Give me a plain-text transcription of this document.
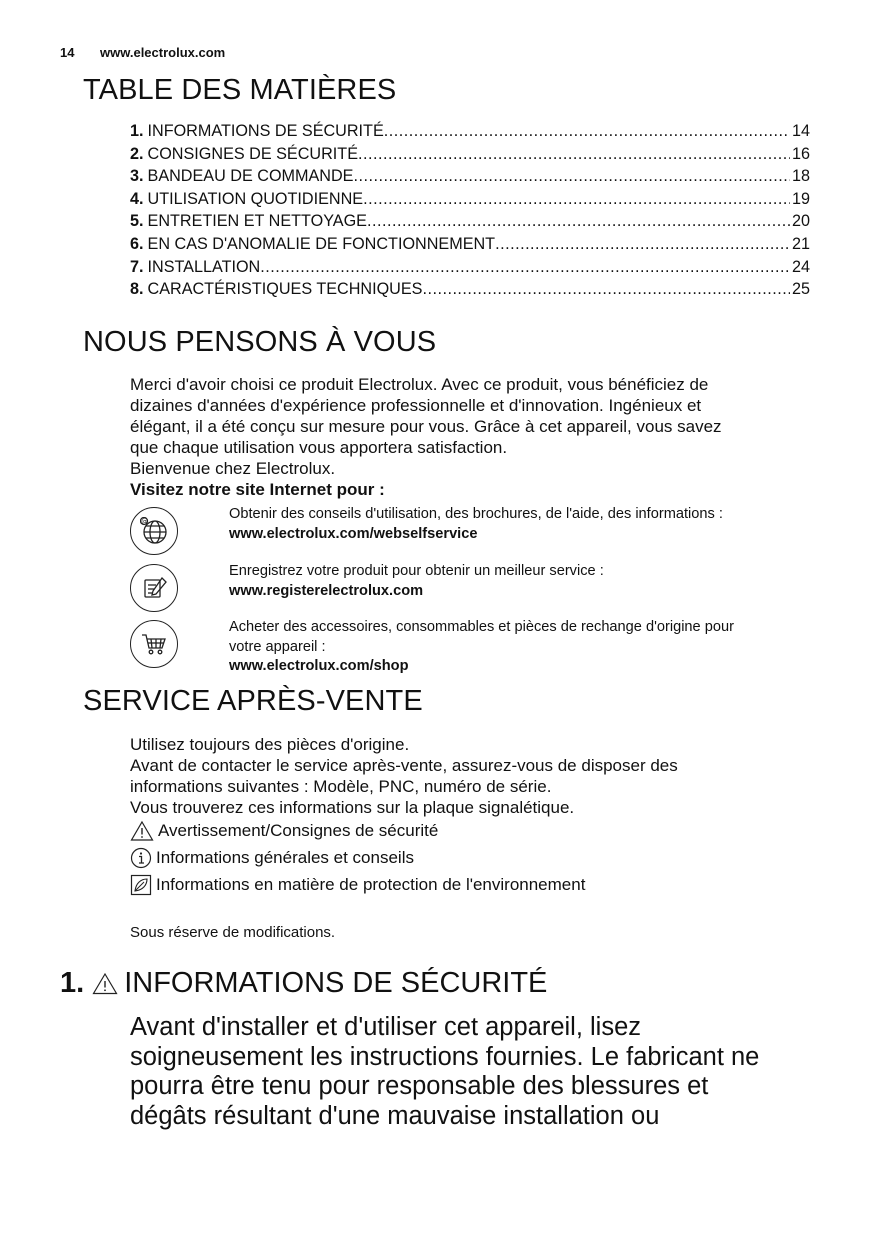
14 www.electrolux.com
TABLE DES MATIÈRES
1. INFORMATIONS DE SÉCURITÉ .....	14
2. CONSIGNES DE SÉCURITÉ .....	16
3. BANDEAU DE COMMANDE .....	18
4. UTILISATION QUOTIDIENNE .....	19
5. ENTRETIEN ET NETTOYAGE .....	20
6. EN CAS D'ANOMALIE DE FONCTIONNEMENT .....	21
7. INSTALLATION .....	24
8. CARACTÉRISTIQUES TECHNIQUES .....	25
NOUS PENSONS À VOUS
Merci d'avoir choisi ce produit Electrolux. Avec ce produit, vous bénéficiez de
dizaines d'années d'expérience professionnelle et d'innovation. Ingénieux et
élégant, il a été conçu sur mesure pour vous. Grâce à cet appareil, vous savez
que chaque utilisation vous apportera satisfaction.
Bienvenue chez Electrolux.
Visitez notre site Internet pour :
@	Obtenir des conseils d'utilisation, des brochures, de l'aide, des informations :
www.electrolux.com/webselfservice
Enregistrez votre produit pour obtenir un meilleur service :
www.registerelectrolux.com
Acheter des accessoires, consommables et pièces de rechange d'origine pour
votre appareil :
www.electrolux.com/shop
SERVICE APRÈS-VENTE
Utilisez toujours des pièces d'origine.
Avant de contacter le service après-vente, assurez-vous de disposer des
informations suivantes : Modèle, PNC, numéro de série.
Vous trouverez ces informations sur la plaque signalétique.
Avertissement/Consignes de sécurité
Informations générales et conseils
Informations en matière de protection de l'environnement
Sous réserve de modifications.
1. INFORMATIONS DE SÉCURITÉ
Avant d'installer et d'utiliser cet appareil, lisez
soigneusement les instructions fournies. Le fabricant ne
pourra être tenu pour responsable des blessures et
dégâts résultant d'une mauvaise installation ou
